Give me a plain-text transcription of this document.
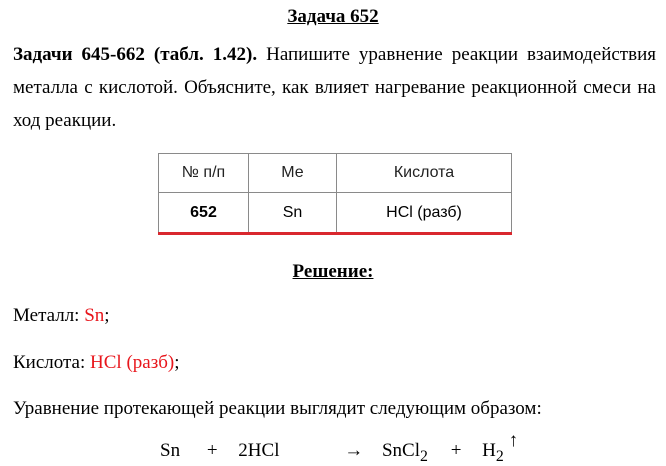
Задача 652
Задачи 645-662 (табл. 1.42). Напишите уравнение реакции взаимодействия металла с кислотой. Объясните, как влияет нагревание реакционной смеси на ход реакции.
№ п/п	Ме	Кислота
652	Sn	HCl (разб)
Решение:
Металл: Sn;
Кислота: HCl (разб);
Уравнение протекающей реакции выглядит следующим образом:
Sn + 2HCl	→ SnCl$_2$ + $H_2$ ↑
